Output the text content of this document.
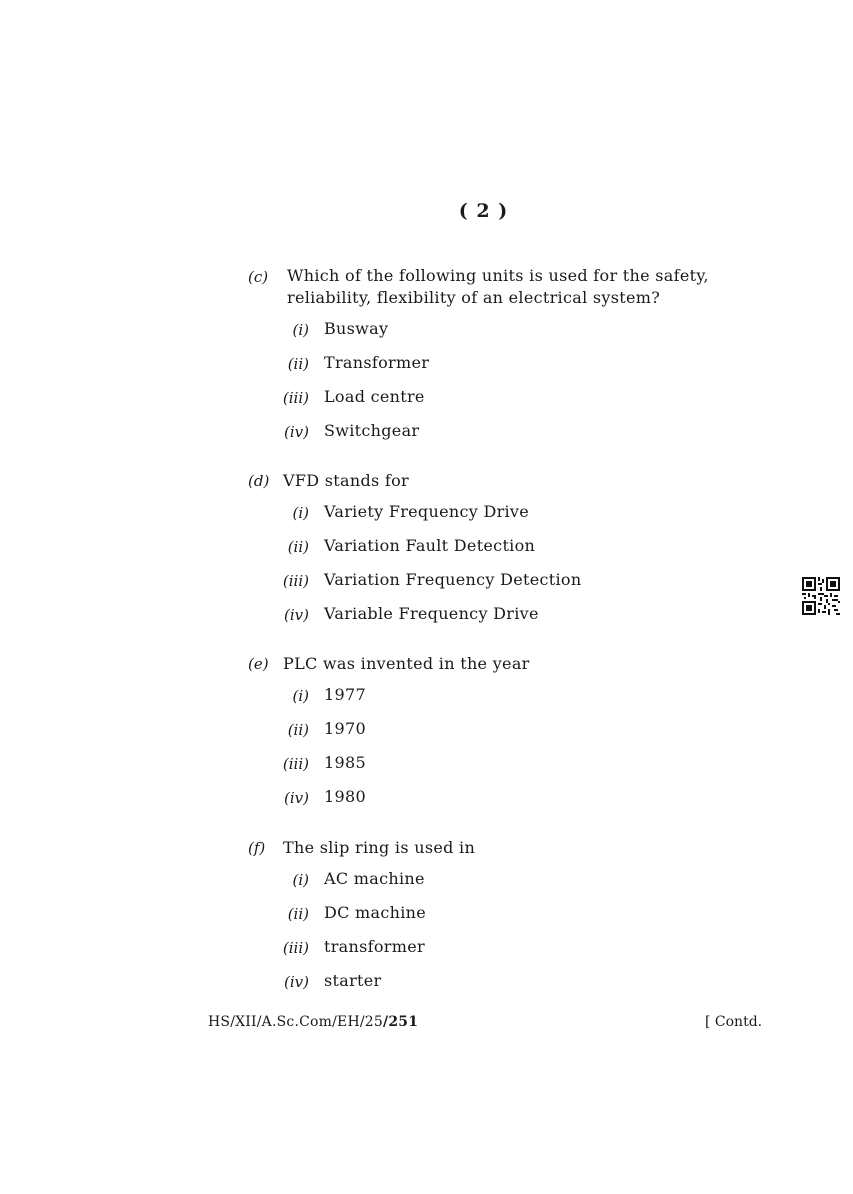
( 2 )
(c) Which of the following units is used for the safety, reliability, flexibility of an electrical system?
(i) Busway
(ii) Transformer
(iii) Load centre
(iv) Switchgear
(d) VFD stands for
(i) Variety Frequency Drive
(ii) Variation Fault Detection
(iii) Variation Frequency Detection
(iv) Variable Frequency Drive
(e) PLC was invented in the year
(i) 1977
(ii) 1970
(iii) 1985
(iv) 1980
(f) The slip ring is used in
(i) AC machine
(ii) DC machine
(iii) transformer
(iv) starter
HS/XII/A.Sc.Com/EH/25/251	[ Contd.
